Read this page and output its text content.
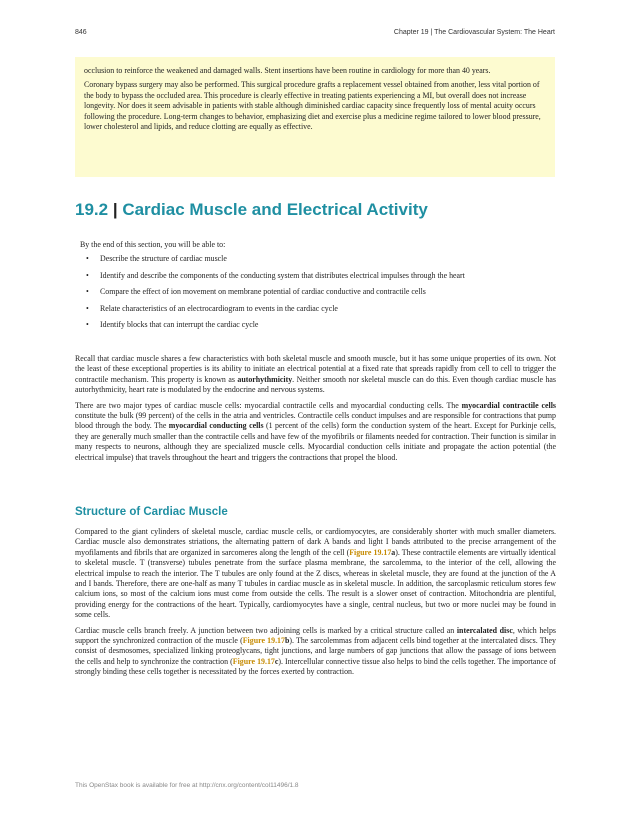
846	Chapter 19 | The Cardiovascular System: The Heart

occlusion to reinforce the weakened and damaged walls. Stent insertions have been routine in cardiology for more than 40 years.

Coronary bypass surgery may also be performed. This surgical procedure grafts a replacement vessel obtained from another, less vital portion of the body to bypass the occluded area. This procedure is clearly effective in treating patients experiencing a MI, but overall does not increase longevity. Nor does it seem advisable in patients with stable although diminished cardiac capacity since frequently loss of mental acuity occurs following the procedure. Long-term changes to behavior, emphasizing diet and exercise plus a medicine regime tailored to lower blood pressure, lower cholesterol and lipids, and reduce clotting are equally as effective.

19.2 | Cardiac Muscle and Electrical Activity

By the end of this section, you will be able to:

• Describe the structure of cardiac muscle
• Identify and describe the components of the conducting system that distributes electrical impulses through the heart
• Compare the effect of ion movement on membrane potential of cardiac conductive and contractile cells
• Relate characteristics of an electrocardiogram to events in the cardiac cycle
• Identify blocks that can interrupt the cardiac cycle

Recall that cardiac muscle shares a few characteristics with both skeletal muscle and smooth muscle, but it has some unique properties of its own. Not the least of these exceptional properties is its ability to initiate an electrical potential at a fixed rate that spreads rapidly from cell to cell to trigger the contractile mechanism. This property is known as autorhythmicity. Neither smooth nor skeletal muscle can do this. Even though cardiac muscle has autorhythmicity, heart rate is modulated by the endocrine and nervous systems.

There are two major types of cardiac muscle cells: myocardial contractile cells and myocardial conducting cells. The myocardial contractile cells constitute the bulk (99 percent) of the cells in the atria and ventricles. Contractile cells conduct impulses and are responsible for contractions that pump blood through the body. The myocardial conducting cells (1 percent of the cells) form the conduction system of the heart. Except for Purkinje cells, they are generally much smaller than the contractile cells and have few of the myofibrils or filaments needed for contraction. Their function is similar in many respects to neurons, although they are specialized muscle cells. Myocardial conduction cells initiate and propagate the action potential (the electrical impulse) that travels throughout the heart and triggers the contractions that propel the blood.

Structure of Cardiac Muscle

Compared to the giant cylinders of skeletal muscle, cardiac muscle cells, or cardiomyocytes, are considerably shorter with much smaller diameters. Cardiac muscle also demonstrates striations, the alternating pattern of dark A bands and light I bands attributed to the precise arrangement of the myofilaments and fibrils that are organized in sarcomeres along the length of the cell (Figure 19.17a). These contractile elements are virtually identical to skeletal muscle. T (transverse) tubules penetrate from the surface plasma membrane, the sarcolemma, to the interior of the cell, allowing the electrical impulse to reach the interior. The T tubules are only found at the Z discs, whereas in skeletal muscle, they are found at the junction of the A and I bands. Therefore, there are one-half as many T tubules in cardiac muscle as in skeletal muscle. In addition, the sarcoplasmic reticulum stores few calcium ions, so most of the calcium ions must come from outside the cells. The result is a slower onset of contraction. Mitochondria are plentiful, providing energy for the contractions of the heart. Typically, cardiomyocytes have a single, central nucleus, but two or more nuclei may be found in some cells.

Cardiac muscle cells branch freely. A junction between two adjoining cells is marked by a critical structure called an intercalated disc, which helps support the synchronized contraction of the muscle (Figure 19.17b). The sarcolemmas from adjacent cells bind together at the intercalated discs. They consist of desmosomes, specialized linking proteoglycans, tight junctions, and large numbers of gap junctions that allow the passage of ions between the cells and help to synchronize the contraction (Figure 19.17c). Intercellular connective tissue also helps to bind the cells together. The importance of strongly binding these cells together is necessitated by the forces exerted by contraction.

This OpenStax book is available for free at http://cnx.org/content/col11496/1.8
